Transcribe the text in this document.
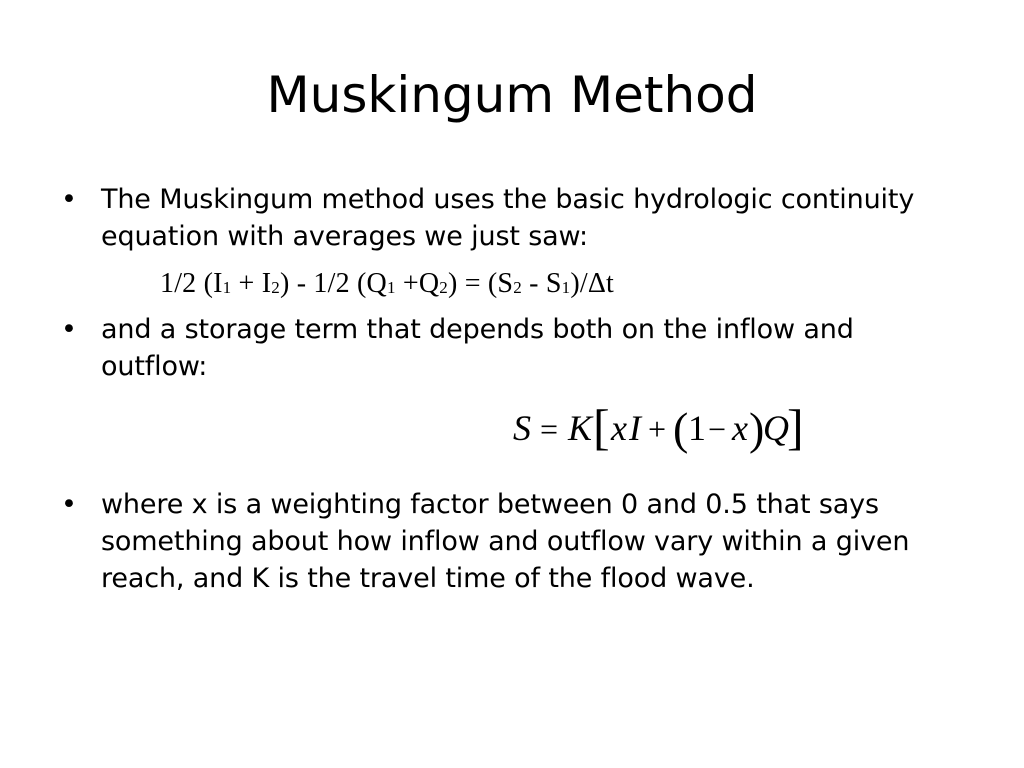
Muskingum Method
• The Muskingum method uses the basic hydrologic continuity equation with averages we just saw:
1/2 (I1 + I2) - 1/2 (Q1 +Q2) = (S2 - S1)/Δt
• and a storage term that depends both on the inflow and outflow:
S = K [ x I + ( 1 − x )
Q
]
• where x is a weighting factor between 0 and 0.5 that says something about how inflow and outflow vary within a given reach, and K is the travel time of the flood wave.
